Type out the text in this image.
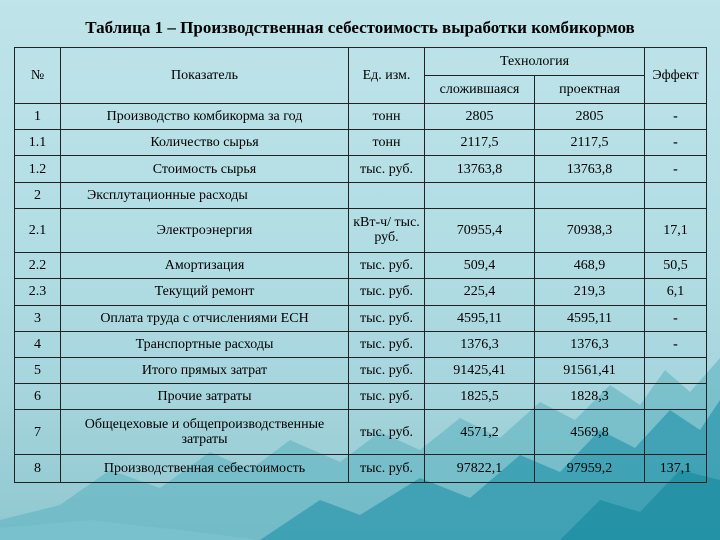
Таблица 1 – Производственная себестоимость выработки комбикормов
№	Показатель	Ед. изм.	Технология		Эффект
			сложившаяся	проектная	
1	Производство комбикорма за год	тонн	2805	2805	-
1.1	Количество сырья	тонн	2117,5	2117,5	-
1.2	Стоимость сырья	тыс. руб.	13763,8	13763,8	-
2	Эксплутационные расходы				
2.1	Электроэнергия	кВт-ч/ тыс. руб.	70955,4	70938,3	17,1
2.2	Амортизация	тыс. руб.	509,4	468,9	50,5
2.3	Текущий ремонт	тыс. руб.	225,4	219,3	6,1
3	Оплата труда с отчислениями ЕСН	тыс. руб.	4595,11	4595,11	-
4	Транспортные расходы	тыс. руб.	1376,3	1376,3	-
5	Итого прямых затрат	тыс. руб.	91425,41	91561,41	
6	Прочие затраты	тыс. руб.	1825,5	1828,3	
7	Общецеховые и общепроизводственные затраты	тыс. руб.	4571,2	4569,8	
8	Производственная себестоимость	тыс. руб.	97822,1	97959,2	137,1
